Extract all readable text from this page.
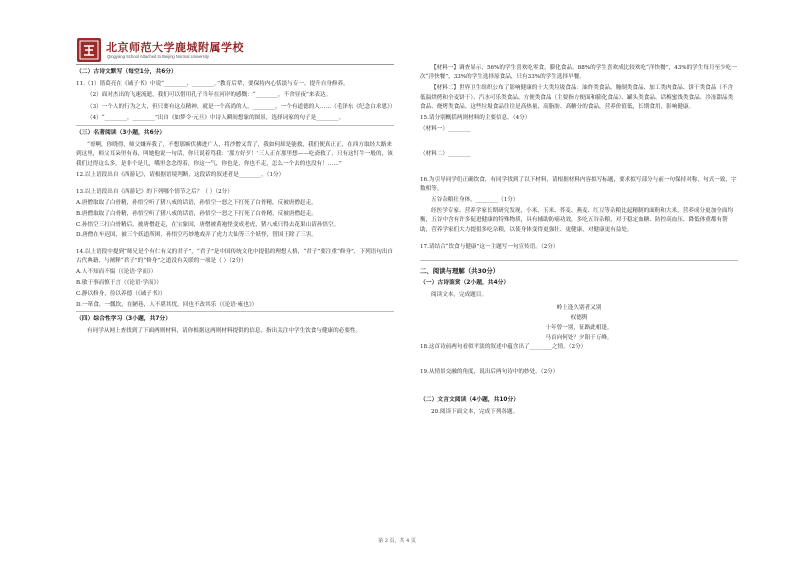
北京师范大学鹿城附属学校
Qingyang School Attached to Beijing Normal University
（二）古诗文默写（每空1分，共6分）

11.（1）谐葛亮在《诫子书》中说“________，________。”教育后辈，要保持内心恬淡与专一，提升自身修养。

（2）面对杰出的飞速流逝，我们可以借用孔子当年在河岸的感慨：“________，不舍昼夜”来表达。

（3）一个人的行为之大，但只要有这点精神，就是一个高尚的人，________，一个有道德的人……（毛泽东《纪念白求恩》）

（4）“________，________”出自《如梦令·元旦》中诗人瞬间想象的图景，选择词家的句子是________。

（三）名著阅读（3小题，共6分）

“哥啊，你晓得，师父嫌弃我了，不想那厮伏拂进广人，将沙僧又背了，我如何却是能救，我们便真正正，在西方取经大路来到这里，师父耳朵里有毒，叫她他说一句话，你只说着骂我：‘那方好歹！’三人正在那里想——吃斋救了，只有这钉牛一般的，该我们过得这么多，是非个是儿，嘴里念念得着，你这一气，你也是，你也不走，怎么一个去的也没有！……”

12.以上语段出自《西游记》，请根据语境判断，这段话的叙述者是________。（1分）

13.以上语段出自《西游记》的下列哪个情节之后？（ ）（2分）

A.唐僧取取了白骨精，孙悟空听了猪八戒的话语，孙悟空一怒之下打死了白骨精，反被唐僧赶走。

B.唐僧取取了白骨精，孙悟空听了猪八戒的话语，孙悟空一怒之下打死了白骨精，反被唐僧赶走。

C.孙悟空三打白骨精后，被唐僧赶走，在宝象国，唐僧被黄袍怪变成老虎，猪八戒只得去花果山请孙悟空。

D.唐僧在车迟国，被三个妖道所困，孙悟空巧妙地戏弄了虎力大仙等三个妖怪，替国王除了三害。

14.以上语段中提到“师兄是个有仁有义的君子”，“君子”是中国传统文化中提倡的理想人格，“君子”要注重“修身”，下列语句出自古代典籍，与阐释“君子”的“修身”之道没有关联的一项是（ ）（2分）

A.人不知而不愠（《论语·学而》）

B.敏于事而慎于言（《论语·学而》）

C.静以修身，俭以养德（《诫子书》）

D.一箪食，一瓢饮，在陋巷，人不堪其忧，回也不改其乐（《论语·雍也》）

（四）综合性学习（3小题，共7分）

有同学从网上查找到了下面两则材料，请你根据这两则材料提供的信息，指出关注中学生饮食与健康的必要性。

【材料一】调查显示，56%的学生喜欢吃零食，膨化食品、88%的学生喜欢成比较欢吃“洋快餐”，43%的学生每月至少吃一次“洋快餐”，33%的学生选择原食品，只有33%的学生选择早餐。

【材料二】世界卫生组织公布了影响健康的十大类垃圾食品：油炸类食品、腌制类食品、加工类肉食品、饼干类食品（不含低温烘烤和全麦饼干）、汽水可乐类食品、方便类食品（主要指方便面和膨化食品）、罐头类食品、话梅蜜饯类食品、冷冻甜品类食品、烧烤类食品。这些垃圾食品往往是高热量、高脂肪、高糖分的食品，营养价值低，长期食用，影响健康。

15.请分别概括两则材料的主要信息。（4分）

（材料一）________

（材料二）________

16.为引导同学们正确饮食，有同学找到了以下材料，请根据材料内容拟写标题，要求拟写部分与前一句保持对称，句式一致，字数相等。

五谷杂粮壮身体，________（1分）

经医学专家、营养学家长期研究发现，小米、玉米、荞麦、燕麦、红豆等杂粮比起精制的面粉和大米，营养成分更加全面均衡，五谷中含有许多促进健康的特殊物质，具有辅助防癌功效，多吃五谷杂粮，对于稳定血糖、防控高血压、降低体重都有帮助，营养学家们大力提倡多吃杂粮，以使身体变得更强壮、更健康，对健康更有益处。

17.请结合“饮食与健康”这一主题写一句宣传语。（2分）

二、阅读与理解（共30分）
（一）古诗鉴赏（2小题，共4分）

阅读文本，完成题目。

岭上逢久别者又别

权德舆

十年曾一别，征路此相逢。

马首向何处？夕阳千万峰。

18.这首诗前两句看似平淡的叙述中蕴含出了________之情。（2分）

19.从情景交融的角度，说出后两句诗中的妙处。（2分）

（二）文言文阅读（4小题，共10分）

20.阅读下面文本，完成下列各题。

第 2 页，共 4 页
